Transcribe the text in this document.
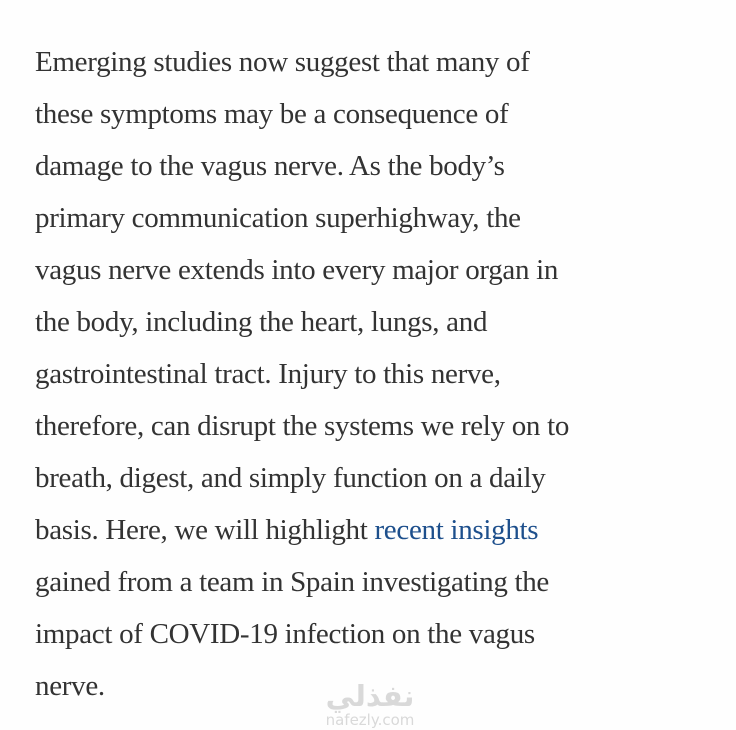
Emerging studies now suggest that many of
these symptoms may be a consequence of
damage to the vagus nerve. As the body’s
primary communication superhighway, the
vagus nerve extends into every major organ in
the body, including the heart, lungs, and
gastrointestinal tract. Injury to this nerve,
therefore, can disrupt the systems we rely on to
breath, digest, and simply function on a daily
basis. Here, we will highlight recent insights
gained from a team in Spain investigating the
impact of COVID-19 infection on the vagus
nerve.	نفذلي
nafezly.com
